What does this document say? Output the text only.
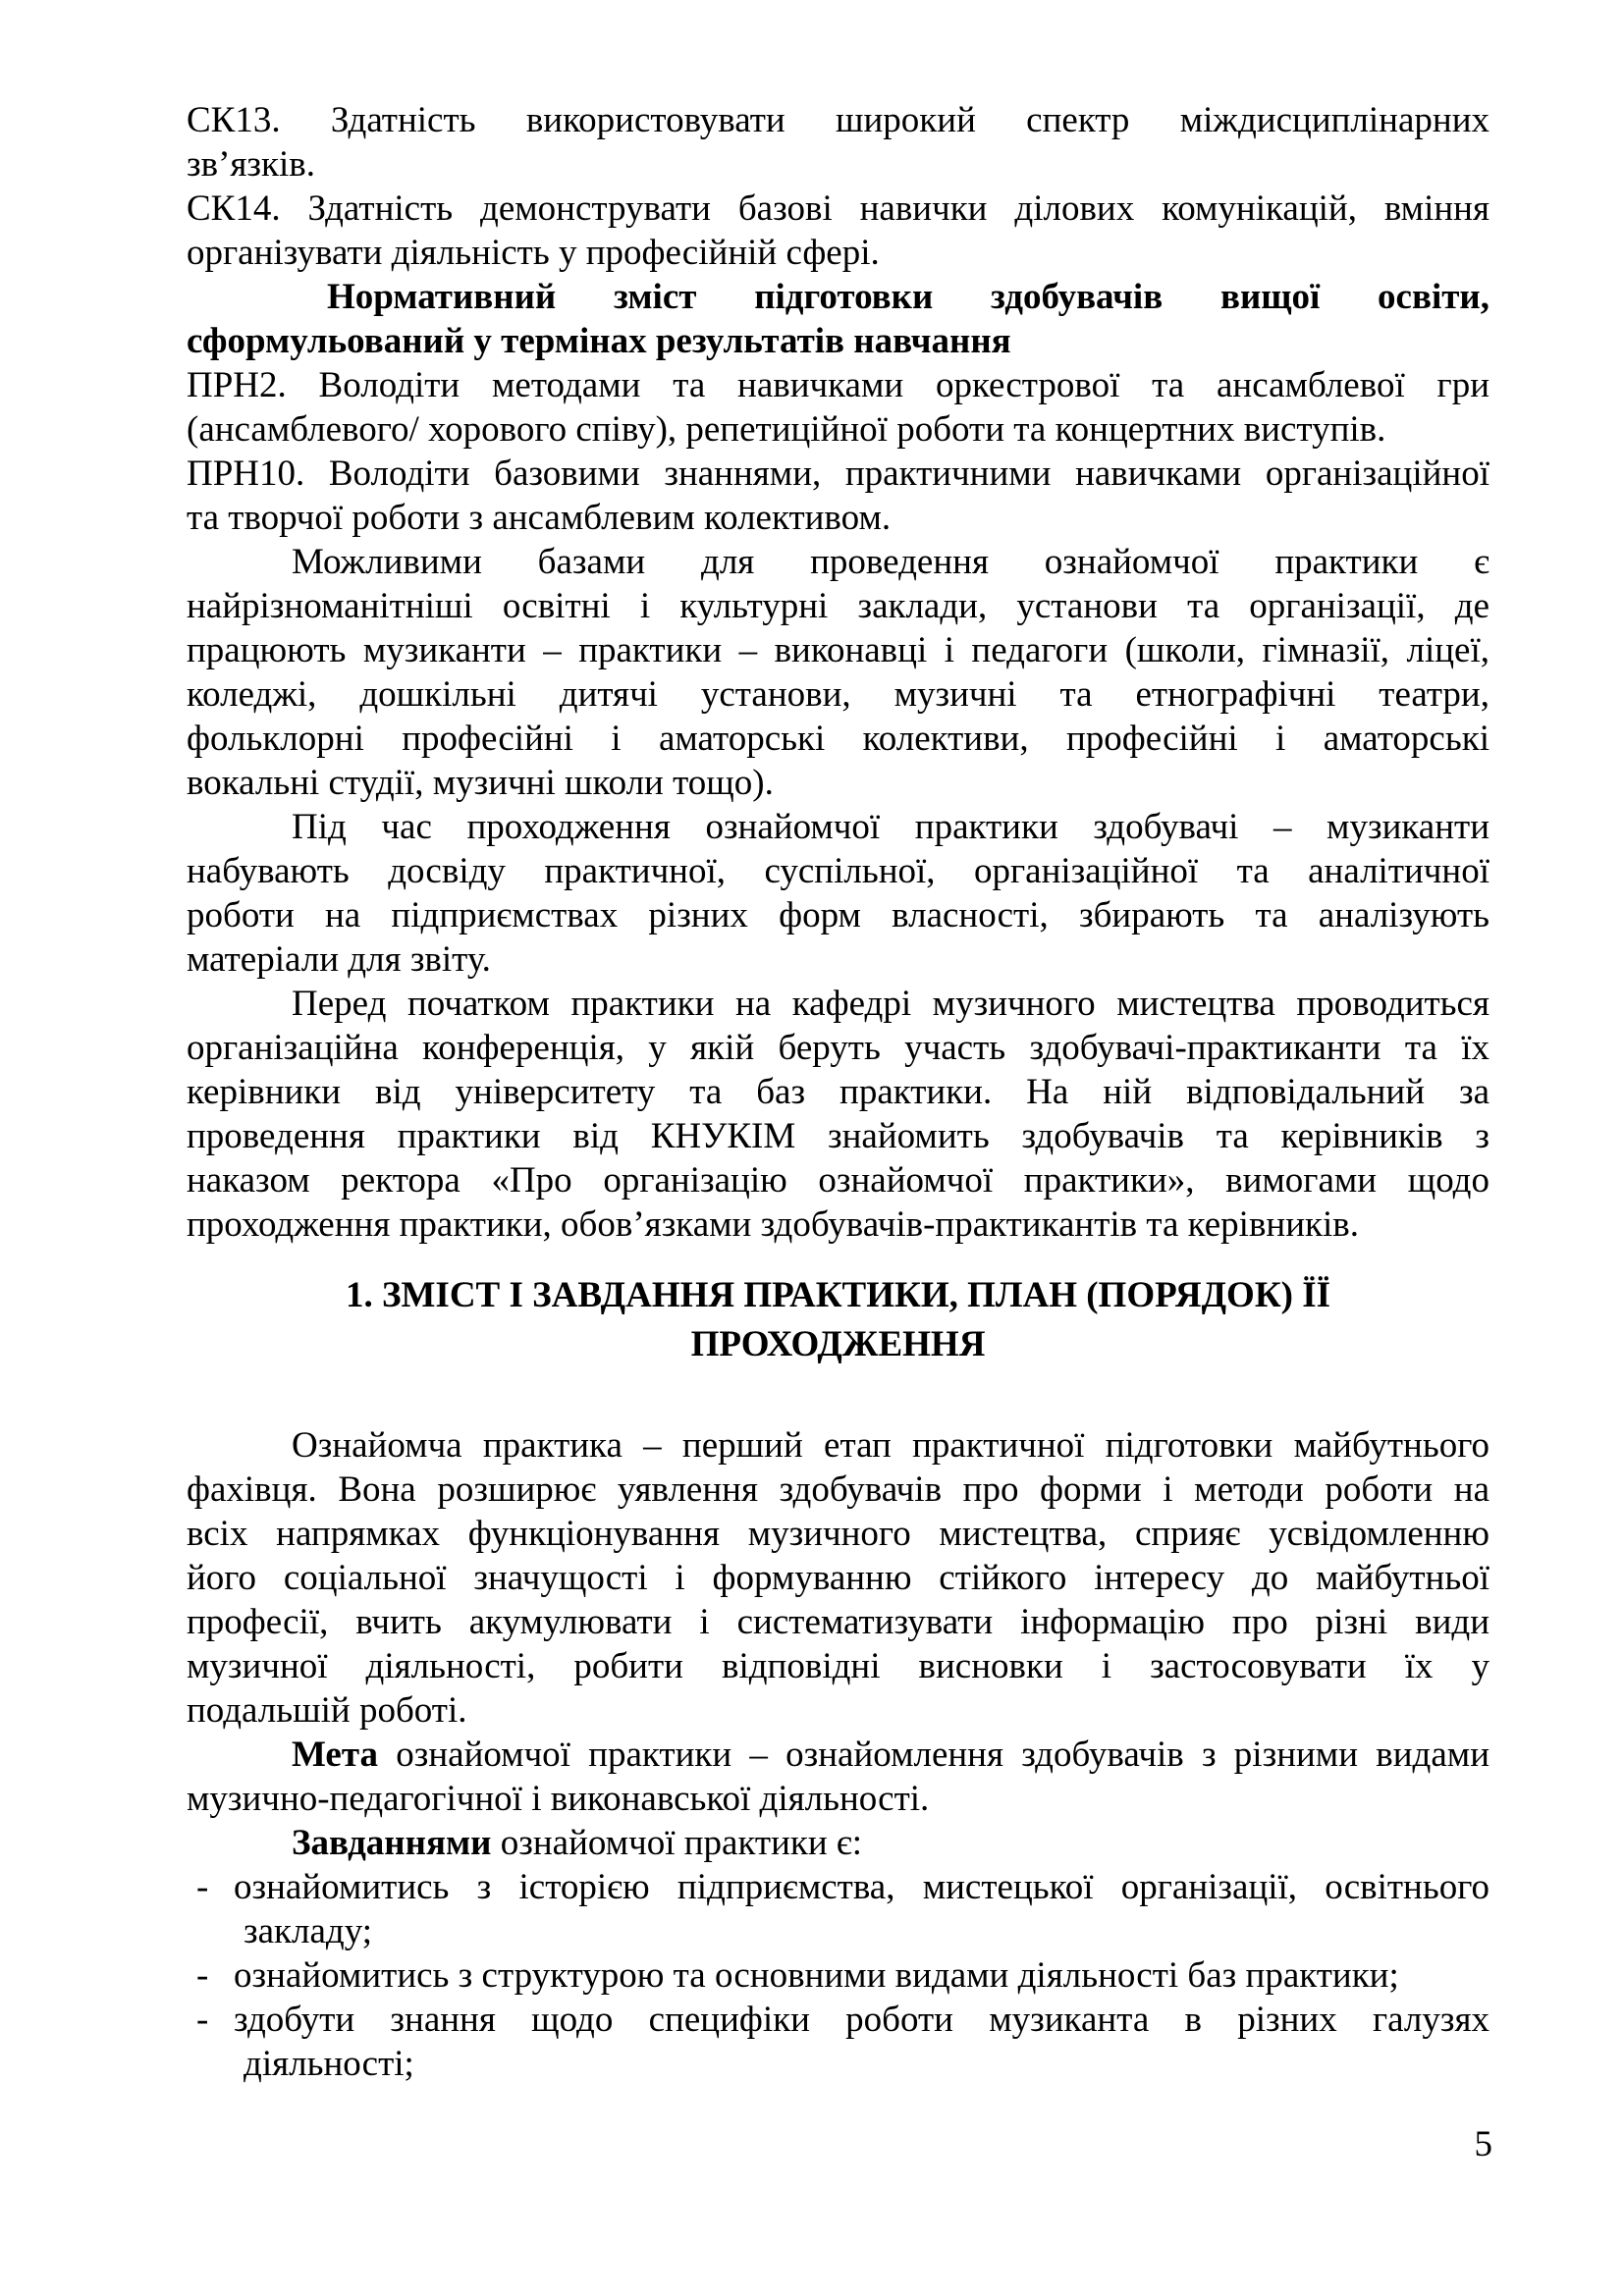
СК13. Здатність використовувати широкий спектр міждисциплінарних
зв’язків.
СК14. Здатність демонструвати базові навички ділових комунікацій, вміння
організувати діяльність у професійній сфері.
Нормативний зміст підготовки здобувачів вищої освіти,
сформульований у термінах результатів навчання
ПРН2. Володіти методами та навичками оркестрової та ансамблевої гри
(ансамблевого/ хорового співу), репетиційної роботи та концертних виступів.
ПРН10. Володіти базовими знаннями, практичними навичками організаційної
та творчої роботи з ансамблевим колективом.
Можливими базами для проведення ознайомчої практики є
найрізноманітніші освітні і культурні заклади, установи та організації, де
працюють музиканти – практики – виконавці і педагоги (школи, гімназії, ліцеї,
коледжі, дошкільні дитячі установи, музичні та етнографічні театри,
фольклорні професійні і аматорські колективи, професійні і аматорські
вокальні студії, музичні школи тощо).
Під час проходження ознайомчої практики здобувачі – музиканти
набувають досвіду практичної, суспільної, організаційної та аналітичної
роботи на підприємствах різних форм власності, збирають та аналізують
матеріали для звіту.
Перед початком практики на кафедрі музичного мистецтва проводиться
організаційна конференція, у якій беруть участь здобувачі-практиканти та їх
керівники від університету та баз практики. На ній відповідальний за
проведення практики від КНУКІМ знайомить здобувачів та керівників з
наказом ректора «Про організацію ознайомчої практики», вимогами щодо
проходження практики, обов’язками здобувачів-практикантів та керівників.
1. ЗМІСТ І ЗАВДАННЯ ПРАКТИКИ, ПЛАН (ПОРЯДОК) ЇЇ
ПРОХОДЖЕННЯ
Ознайомча практика – перший етап практичної підготовки майбутнього
фахівця. Вона розширює уявлення здобувачів про форми і методи роботи на
всіх напрямках функціонування музичного мистецтва, сприяє усвідомленню
його соціальної значущості і формуванню стійкого інтересу до майбутньої
професії, вчить акумулювати і систематизувати інформацію про різні види
музичної діяльності, робити відповідні висновки і застосовувати їх у
подальшій роботі.
Мета ознайомчої практики – ознайомлення здобувачів з різними видами
музично-педагогічної і виконавської діяльності.
Завданнями ознайомчої практики є:
- ознайомитись з історією підприємства, мистецької організації, освітнього
закладу;
- ознайомитись з структурою та основними видами діяльності баз практики;
- здобути знання щодо специфіки роботи музиканта в різних галузях
діяльності;
5
